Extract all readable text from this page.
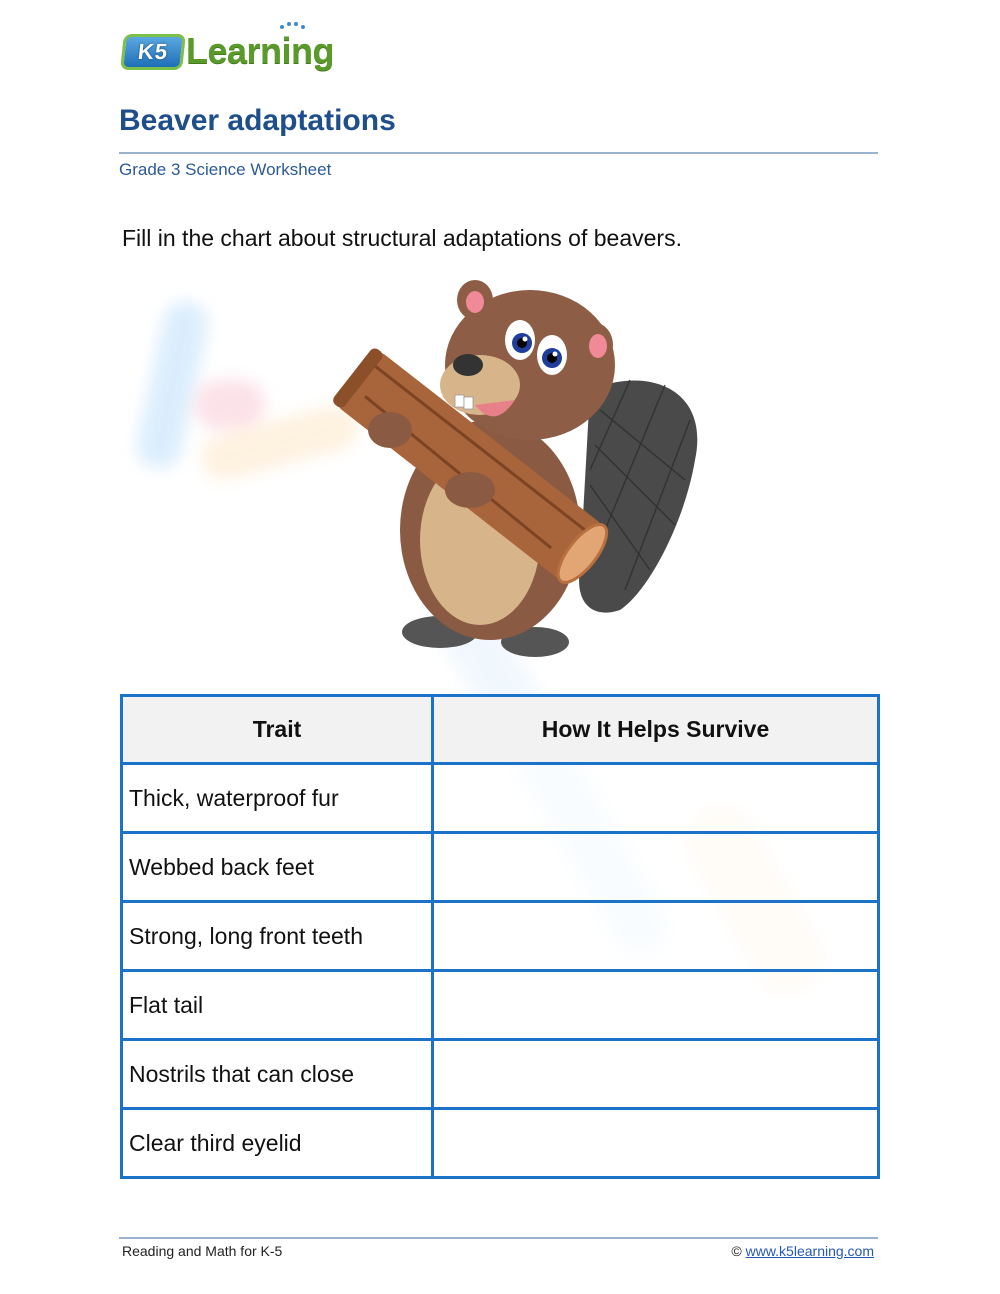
K5 Learning
Beaver adaptations
Grade 3 Science Worksheet
Fill in the chart about structural adaptations of beavers.
Trait	How It Helps Survive
Thick, waterproof fur	
Webbed back feet	
Strong, long front teeth	
Flat tail	
Nostrils that can close	
Clear third eyelid	
Reading and Math for K-5	© www.k5learning.com
